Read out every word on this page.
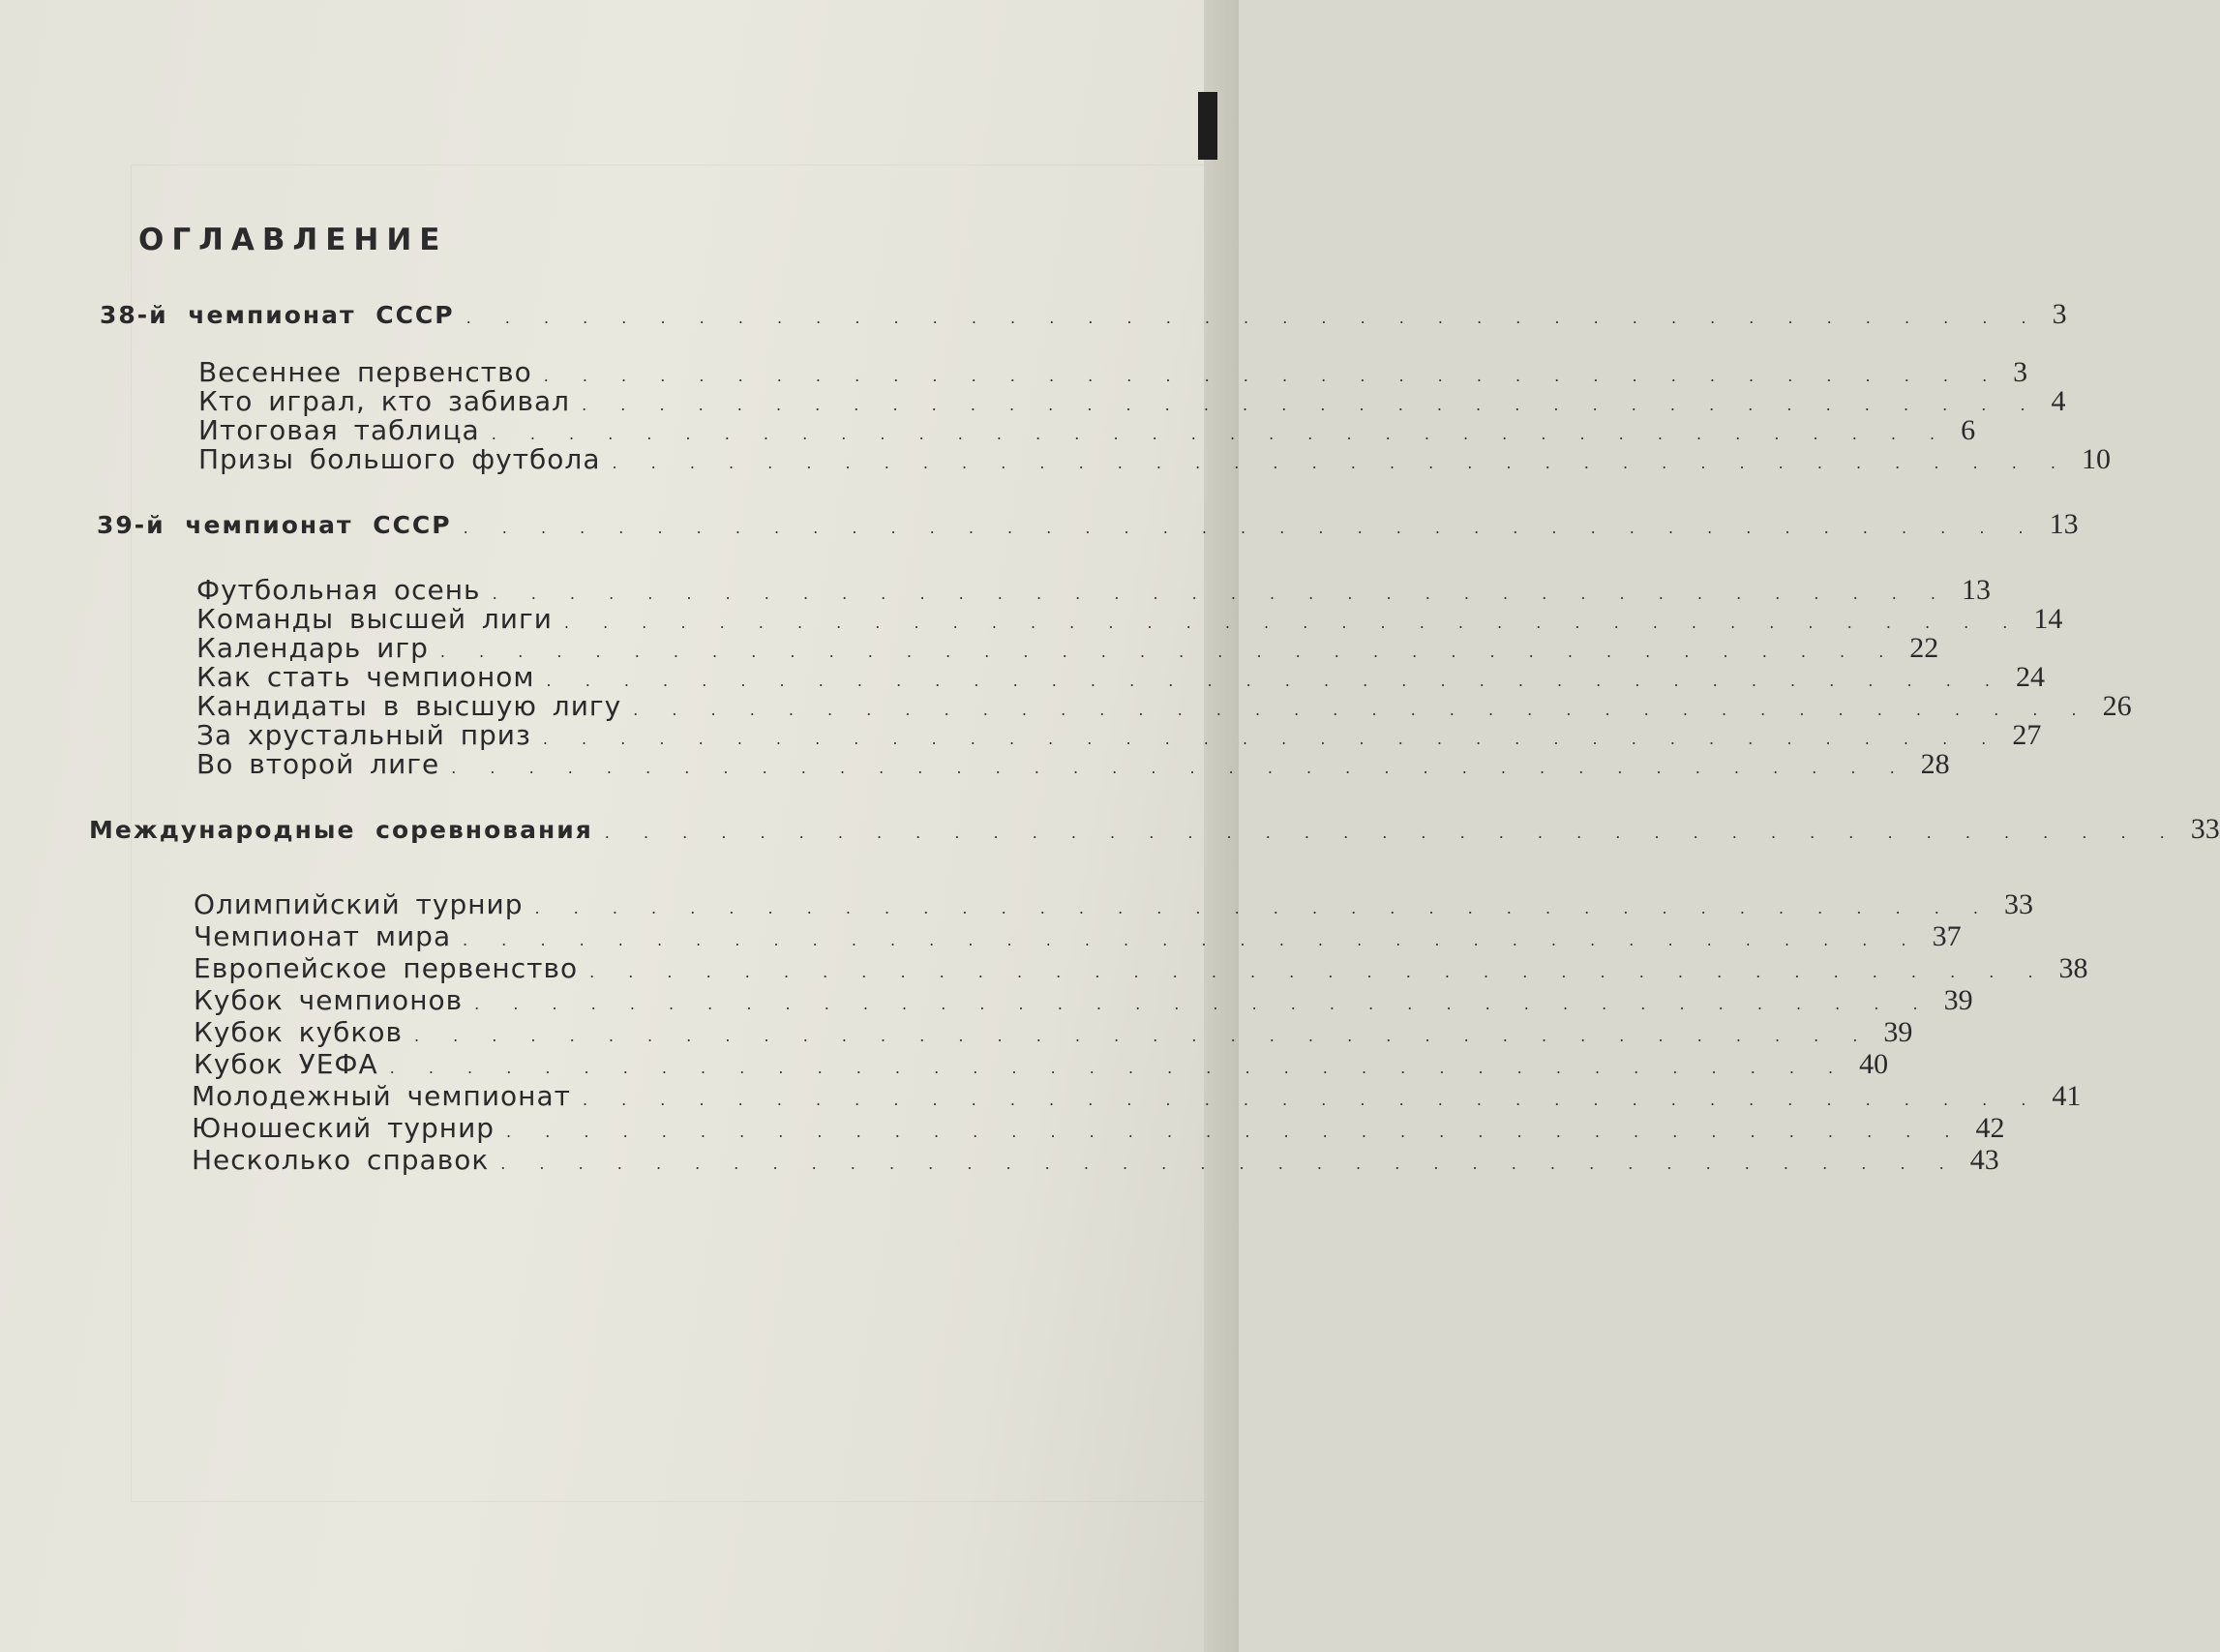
ОГЛАВЛЕНИЕ
38-й чемпионат СССР . . . . . . . . . . . . . . . . . . . . . . . . . . . . . . . . . . . . . . . . . 3
Весеннее первенство . . . . . . . . . . . . . . . . . . . . . . . . . . . . . . . . . . . . . . 3
Кто играл, кто забивал . . . . . . . . . . . . . . . . . . . . . . . . . . . . . . . . . . . . . . 4
Итоговая таблица . . . . . . . . . . . . . . . . . . . . . . . . . . . . . . . . . . . . . . 6
Призы большого футбола . . . . . . . . . . . . . . . . . . . . . . . . . . . . . . . . . . . . . . 10
39-й чемпионат СССР . . . . . . . . . . . . . . . . . . . . . . . . . . . . . . . . . . . . . . . . . 13
Футбольная осень . . . . . . . . . . . . . . . . . . . . . . . . . . . . . . . . . . . . . . 13
Команды высшей лиги . . . . . . . . . . . . . . . . . . . . . . . . . . . . . . . . . . . . . . 14
Календарь игр . . . . . . . . . . . . . . . . . . . . . . . . . . . . . . . . . . . . . . 22
Как стать чемпионом . . . . . . . . . . . . . . . . . . . . . . . . . . . . . . . . . . . . . . 24
Кандидаты в высшую лигу . . . . . . . . . . . . . . . . . . . . . . . . . . . . . . . . . . . . . . 26
За хрустальный приз . . . . . . . . . . . . . . . . . . . . . . . . . . . . . . . . . . . . . . 27
Во второй лиге . . . . . . . . . . . . . . . . . . . . . . . . . . . . . . . . . . . . . . 28
Международные соревнования . . . . . . . . . . . . . . . . . . . . . . . . . . . . . . . . . . . . . . . . . 33
Олимпийский турнир . . . . . . . . . . . . . . . . . . . . . . . . . . . . . . . . . . . . . . 33
Чемпионат мира . . . . . . . . . . . . . . . . . . . . . . . . . . . . . . . . . . . . . . 37
Европейское первенство . . . . . . . . . . . . . . . . . . . . . . . . . . . . . . . . . . . . . . 38
Кубок чемпионов . . . . . . . . . . . . . . . . . . . . . . . . . . . . . . . . . . . . . . 39
Кубок кубков . . . . . . . . . . . . . . . . . . . . . . . . . . . . . . . . . . . . . . 39
Кубок УЕФА . . . . . . . . . . . . . . . . . . . . . . . . . . . . . . . . . . . . . . 40
Молодежный чемпионат . . . . . . . . . . . . . . . . . . . . . . . . . . . . . . . . . . . . . . 41
Юношеский турнир . . . . . . . . . . . . . . . . . . . . . . . . . . . . . . . . . . . . . . 42
Несколько справок . . . . . . . . . . . . . . . . . . . . . . . . . . . . . . . . . . . . . . 43
